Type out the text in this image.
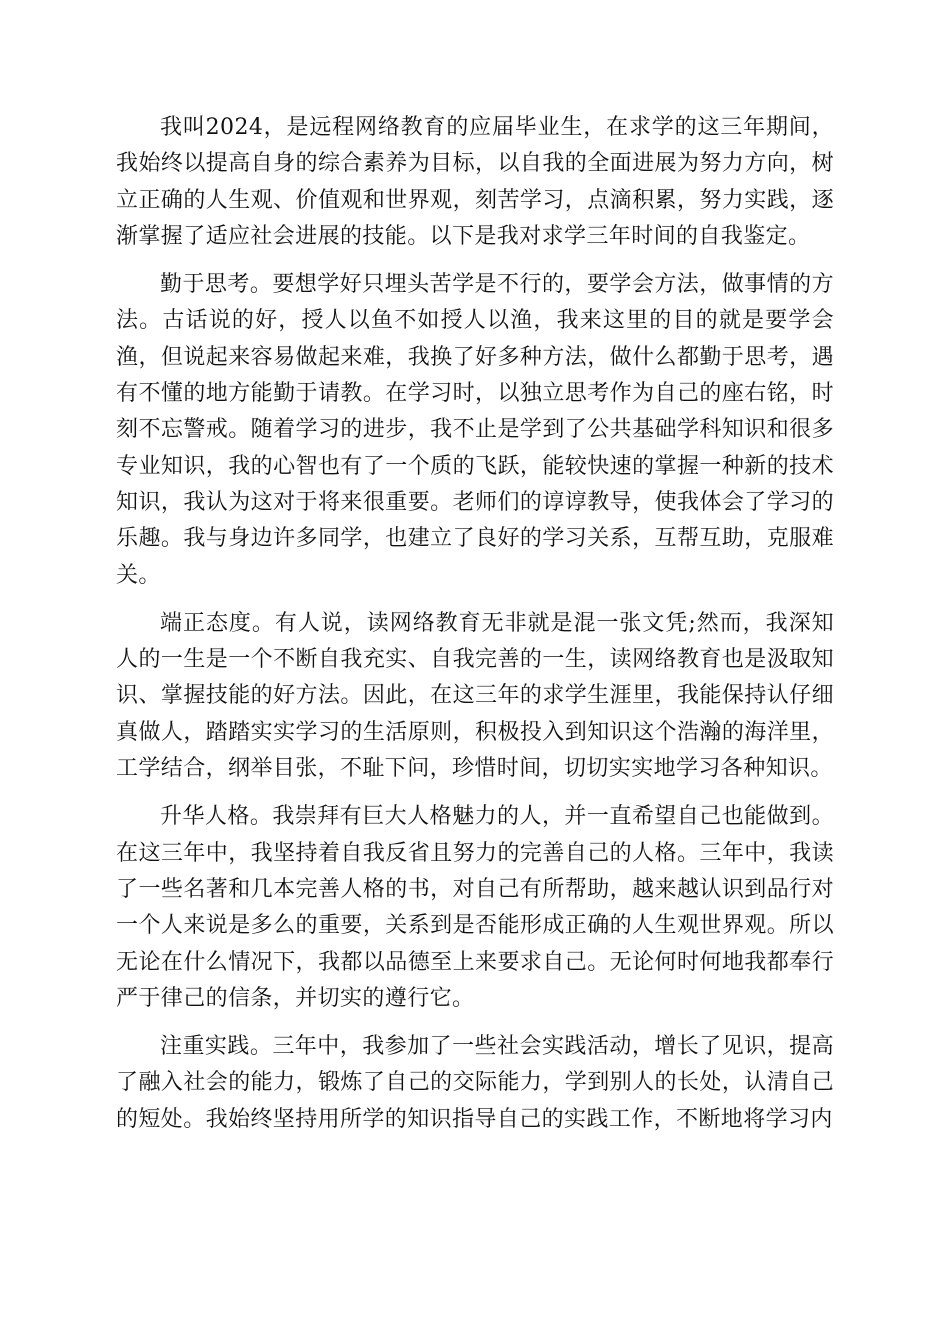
我叫2024，是远程网络教育的应届毕业生，在求学的这三年期间，我始终以提高自身的综合素养为目标，以自我的全面进展为努力方向，树立正确的人生观、价值观和世界观，刻苦学习，点滴积累，努力实践，逐渐掌握了适应社会进展的技能。以下是我对求学三年时间的自我鉴定。

勤于思考。要想学好只埋头苦学是不行的，要学会方法，做事情的方法。古话说的好，授人以鱼不如授人以渔，我来这里的目的就是要学会渔，但说起来容易做起来难，我换了好多种方法，做什么都勤于思考，遇有不懂的地方能勤于请教。在学习时，以独立思考作为自己的座右铭，时刻不忘警戒。随着学习的进步，我不止是学到了公共基础学科知识和很多专业知识，我的心智也有了一个质的飞跃，能较快速的掌握一种新的技术知识，我认为这对于将来很重要。老师们的谆谆教导，使我体会了学习的乐趣。我与身边许多同学，也建立了良好的学习关系，互帮互助，克服难关。

端正态度。有人说，读网络教育无非就是混一张文凭;然而，我深知人的一生是一个不断自我充实、自我完善的一生，读网络教育也是汲取知识、掌握技能的好方法。因此，在这三年的求学生涯里，我能保持认仔细真做人，踏踏实实学习的生活原则，积极投入到知识这个浩瀚的海洋里，工学结合，纲举目张，不耻下问，珍惜时间，切切实实地学习各种知识。

升华人格。我崇拜有巨大人格魅力的人，并一直希望自己也能做到。在这三年中，我坚持着自我反省且努力的完善自己的人格。三年中，我读了一些名著和几本完善人格的书，对自己有所帮助，越来越认识到品行对一个人来说是多么的重要，关系到是否能形成正确的人生观世界观。所以无论在什么情况下，我都以品德至上来要求自己。无论何时何地我都奉行严于律己的信条，并切实的遵行它。

注重实践。三年中，我参加了一些社会实践活动，增长了见识，提高了融入社会的能力，锻炼了自己的交际能力，学到别人的长处，认清自己的短处。我始终坚持用所学的知识指导自己的实践工作，不断地将学习内
